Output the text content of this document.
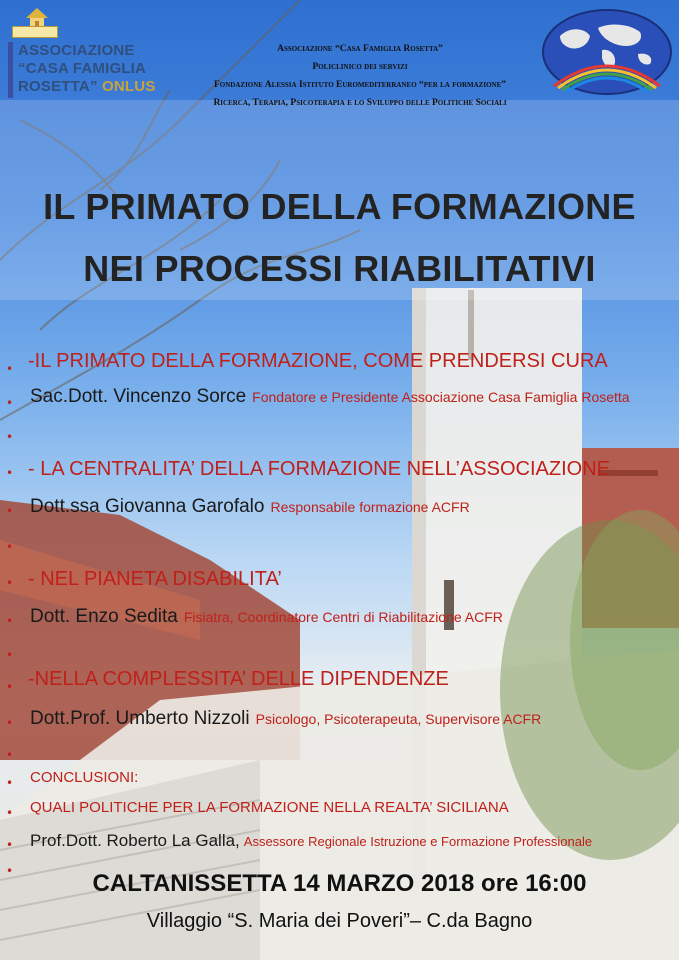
ASSOCIAZIONE
“CASA FAMIGLIA
ROSETTA” ONLUS
Associazione “Casa Famiglia Rosetta”
Policlinico dei servizi
Fondazione Alessia Istituto Euromediterraneo “per la formazione”
Ricerca, Terapia, Psicoterapia e lo Sviluppo delle Politiche Sociali
IL PRIMATO DELLA FORMAZIONE
NEI PROCESSI RIABILITATIVI
•
•
•
•
•
•
•
•
•
•
•
•
•
•
•
•
-IL PRIMATO DELLA FORMAZIONE, COME PRENDERSI CURA
Sac.Dott. Vincenzo Sorce Fondatore e Presidente Associazione Casa Famiglia Rosetta
- LA CENTRALITA’ DELLA FORMAZIONE NELL’ASSOCIAZIONE
Dott.ssa Giovanna Garofalo Responsabile formazione ACFR
- NEL PIANETA DISABILITA’
Dott. Enzo Sedita Fisiatra, Coordinatore Centri di Riabilitazione ACFR
-NELLA COMPLESSITA’ DELLE DIPENDENZE
Dott.Prof. Umberto Nizzoli Psicologo, Psicoterapeuta, Supervisore ACFR
CONCLUSIONI:
QUALI POLITICHE PER LA FORMAZIONE NELLA REALTA’ SICILIANA
Prof.Dott. Roberto La Galla, Assessore Regionale Istruzione e Formazione Professionale
CALTANISSETTA 14 MARZO 2018 ore 16:00
Villaggio “S. Maria dei Poveri”– C.da Bagno
